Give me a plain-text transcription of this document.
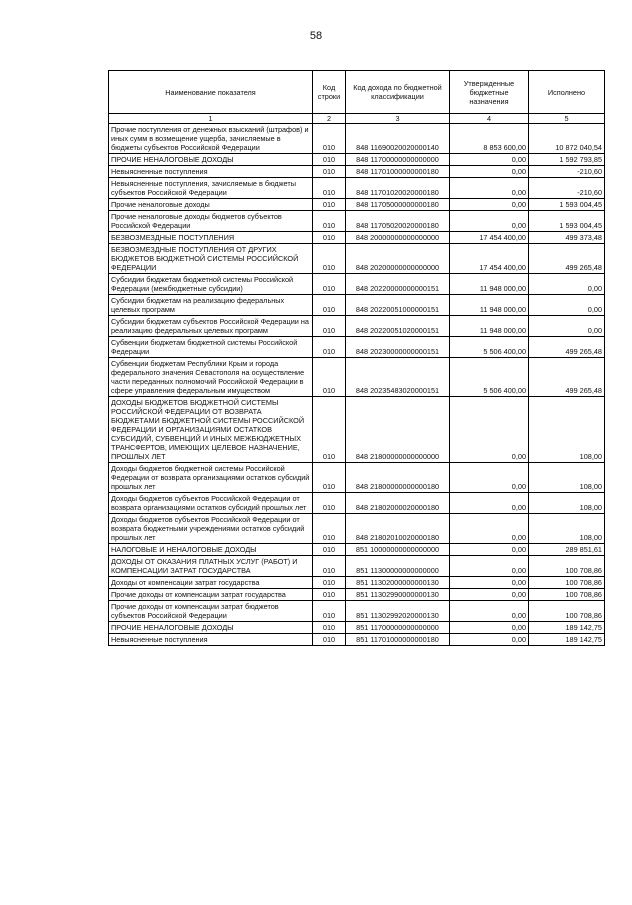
58
Наименование показателя	Код строки	Код дохода по бюджетной классификации	Утвержденные бюджетные назначения	Исполнено
1	2	3	4	5
Прочие поступления от денежных взысканий (штрафов) и иных сумм в возмещение ущерба, зачисляемые в бюджеты субъектов Российской Федерации	010	848 11690020020000140	8 853 600,00	10 872 040,54
ПРОЧИЕ НЕНАЛОГОВЫЕ ДОХОДЫ	010	848 11700000000000000	0,00	1 592 793,85
Невыясненные поступления	010	848 11701000000000180	0,00	-210,60
Невыясненные поступления, зачисляемые в бюджеты субъектов Российской Федерации	010	848 11701020020000180	0,00	-210,60
Прочие неналоговые доходы	010	848 11705000000000180	0,00	1 593 004,45
Прочие неналоговые доходы бюджетов субъектов Российской Федерации	010	848 11705020020000180	0,00	1 593 004,45
БЕЗВОЗМЕЗДНЫЕ ПОСТУПЛЕНИЯ	010	848 20000000000000000	17 454 400,00	499 373,48
БЕЗВОЗМЕЗДНЫЕ ПОСТУПЛЕНИЯ ОТ ДРУГИХ БЮДЖЕТОВ БЮДЖЕТНОЙ СИСТЕМЫ РОССИЙСКОЙ ФЕДЕРАЦИИ	010	848 20200000000000000	17 454 400,00	499 265,48
Субсидии бюджетам бюджетной системы Российской Федерации (межбюджетные субсидии)	010	848 20220000000000151	11 948 000,00	0,00
Субсидии бюджетам на реализацию федеральных целевых программ	010	848 20220051000000151	11 948 000,00	0,00
Субсидии бюджетам субъектов Российской Федерации на реализацию федеральных целевых программ	010	848 20220051020000151	11 948 000,00	0,00
Субвенции бюджетам бюджетной системы Российской Федерации	010	848 20230000000000151	5 506 400,00	499 265,48
Субвенции бюджетам Республики Крым и города федерального значения Севастополя на осуществление части переданных полномочий Российской Федерации в сфере управления федеральным имуществом	010	848 20235483020000151	5 506 400,00	499 265,48
ДОХОДЫ БЮДЖЕТОВ БЮДЖЕТНОЙ СИСТЕМЫ РОССИЙСКОЙ ФЕДЕРАЦИИ ОТ ВОЗВРАТА БЮДЖЕТАМИ БЮДЖЕТНОЙ СИСТЕМЫ РОССИЙСКОЙ ФЕДЕРАЦИИ И ОРГАНИЗАЦИЯМИ ОСТАТКОВ СУБСИДИЙ, СУБВЕНЦИЙ И ИНЫХ МЕЖБЮДЖЕТНЫХ ТРАНСФЕРТОВ, ИМЕЮЩИХ ЦЕЛЕВОЕ НАЗНАЧЕНИЕ, ПРОШЛЫХ ЛЕТ	010	848 21800000000000000	0,00	108,00
Доходы бюджетов бюджетной системы Российской Федерации от возврата организациями остатков субсидий прошлых лет	010	848 21800000000000180	0,00	108,00
Доходы бюджетов субъектов Российской Федерации от возврата организациями остатков субсидий прошлых лет	010	848 21802000020000180	0,00	108,00
Доходы бюджетов субъектов Российской Федерации от возврата бюджетными учреждениями остатков субсидий прошлых лет	010	848 21802010020000180	0,00	108,00
НАЛОГОВЫЕ И НЕНАЛОГОВЫЕ ДОХОДЫ	010	851 10000000000000000	0,00	289 851,61
ДОХОДЫ ОТ ОКАЗАНИЯ ПЛАТНЫХ УСЛУГ (РАБОТ) И КОМПЕНСАЦИИ ЗАТРАТ ГОСУДАРСТВА	010	851 11300000000000000	0,00	100 708,86
Доходы от компенсации затрат государства	010	851 11302000000000130	0,00	100 708,86
Прочие доходы от компенсации затрат государства	010	851 11302990000000130	0,00	100 708,86
Прочие доходы от компенсации затрат бюджетов субъектов Российской Федерации	010	851 11302992020000130	0,00	100 708,86
ПРОЧИЕ НЕНАЛОГОВЫЕ ДОХОДЫ	010	851 11700000000000000	0,00	189 142,75
Невыясненные поступления	010	851 11701000000000180	0,00	189 142,75
